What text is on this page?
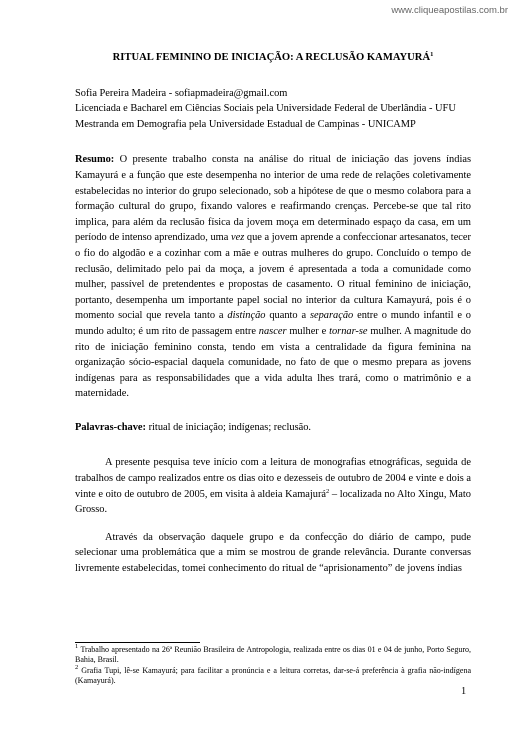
www.cliqueapostilas.com.br

RITUAL FEMININO DE INICIAÇÃO: A RECLUSÃO KAMAYURÁ$^1$

Sofia Pereira Madeira - sofiapmadeira@gmail.com

Licenciada e Bacharel em Ciências Sociais pela Universidade Federal de Uberlândia - UFU

Mestranda em Demografia pela Universidade Estadual de Campinas - UNICAMP

Resumo: O presente trabalho consta na análise do ritual de iniciação das jovens índias Kamayurá e a função que este desempenha no interior de uma rede de relações coletivamente estabelecidas no interior do grupo selecionado, sob a hipótese de que o mesmo colabora para a formação cultural do grupo, fixando valores e reafirmando crenças. Percebe-se que tal rito implica, para além da reclusão física da jovem moça em determinado espaço da casa, em um período de intenso aprendizado, uma vez que a jovem aprende a confeccionar artesanatos, tecer o fio do algodão e a cozinhar com a mãe e outras mulheres do grupo. Concluído o tempo de reclusão, delimitado pelo pai da moça, a jovem é apresentada a toda a comunidade como mulher, passível de pretendentes e propostas de casamento. O ritual feminino de iniciação, portanto, desempenha um importante papel social no interior da cultura Kamayurá, pois é o momento social que revela tanto a distinção quanto a separação entre o mundo infantil e o mundo adulto; é um rito de passagem entre nascer mulher e tornar-se mulher. A magnitude do rito de iniciação feminino consta, tendo em vista a centralidade da figura feminina na organização sócio-espacial daquela comunidade, no fato de que o mesmo prepara as jovens indígenas para as responsabilidades que a vida adulta lhes trará, como o matrimônio e a maternidade.

Palavras-chave: ritual de iniciação; indígenas; reclusão.

A presente pesquisa teve início com a leitura de monografias etnográficas, seguida de trabalhos de campo realizados entre os dias oito e dezesseis de outubro de 2004 e vinte e dois a vinte e oito de outubro de 2005, em visita à aldeia Kamajurá$^2$ – localizada no Alto Xingu, Mato Grosso.

Através da observação daquele grupo e da confecção do diário de campo, pude selecionar uma problemática que a mim se mostrou de grande relevância. Durante conversas livremente estabelecidas, tomei conhecimento do ritual de “aprisionamento” de jovens índias

$^1$ Trabalho apresentado na 26ª Reunião Brasileira de Antropologia, realizada entre os dias 01 e 04 de junho, Porto Seguro, Bahia, Brasil.

$^2$ Grafia Tupi, lê-se Kamayurá; para facilitar a pronúncia e a leitura corretas, dar-se-á preferência à grafia não-indígena (Kamayurá).

1
